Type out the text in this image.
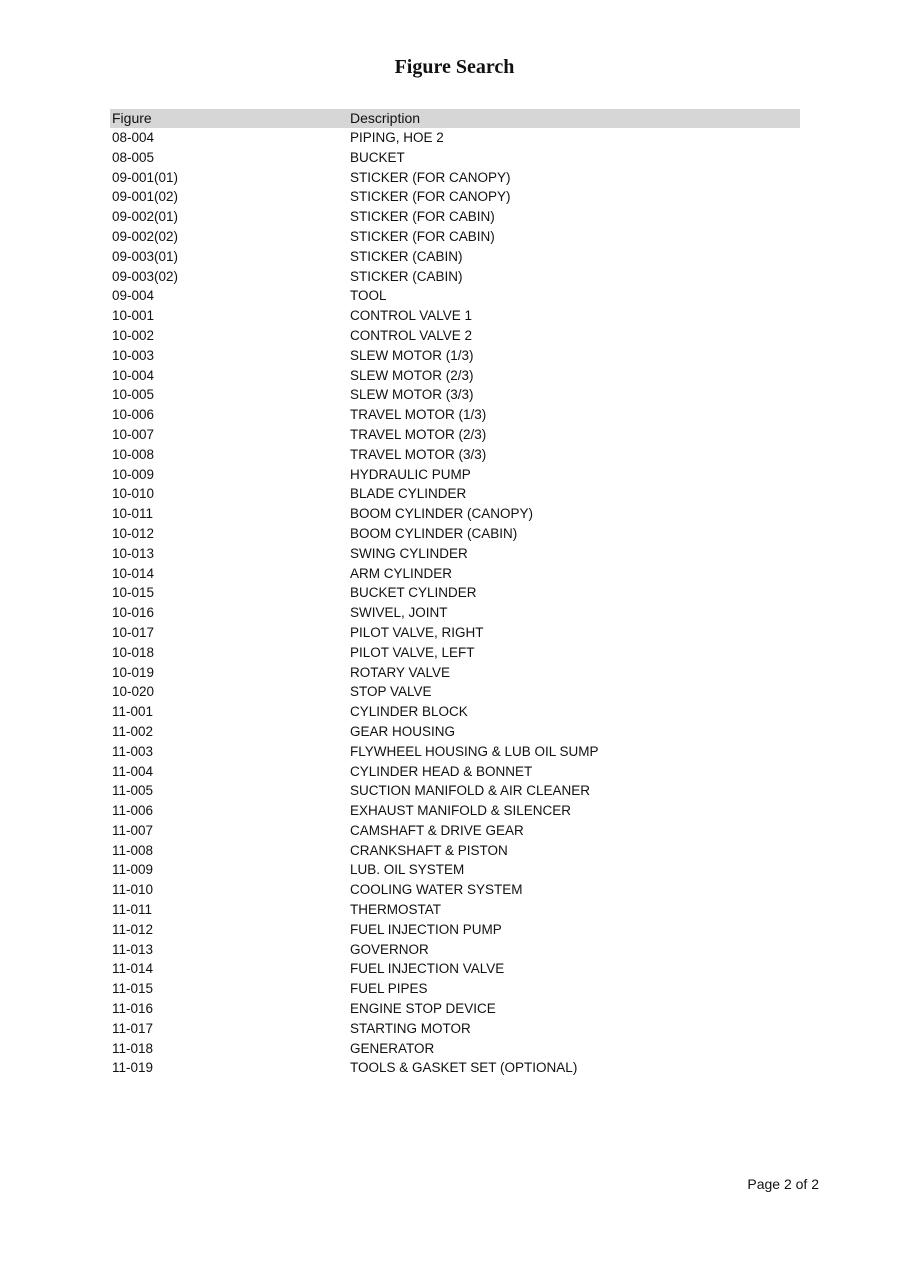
Figure Search
Figure	Description
08-004	PIPING, HOE 2
08-005	BUCKET
09-001(01)	STICKER (FOR CANOPY)
09-001(02)	STICKER (FOR CANOPY)
09-002(01)	STICKER (FOR CABIN)
09-002(02)	STICKER (FOR CABIN)
09-003(01)	STICKER (CABIN)
09-003(02)	STICKER (CABIN)
09-004	TOOL
10-001	CONTROL VALVE 1
10-002	CONTROL VALVE 2
10-003	SLEW MOTOR (1/3)
10-004	SLEW MOTOR (2/3)
10-005	SLEW MOTOR (3/3)
10-006	TRAVEL MOTOR (1/3)
10-007	TRAVEL MOTOR (2/3)
10-008	TRAVEL MOTOR (3/3)
10-009	HYDRAULIC PUMP
10-010	BLADE CYLINDER
10-011	BOOM CYLINDER (CANOPY)
10-012	BOOM CYLINDER (CABIN)
10-013	SWING CYLINDER
10-014	ARM CYLINDER
10-015	BUCKET CYLINDER
10-016	SWIVEL, JOINT
10-017	PILOT VALVE, RIGHT
10-018	PILOT VALVE, LEFT
10-019	ROTARY VALVE
10-020	STOP VALVE
11-001	CYLINDER BLOCK
11-002	GEAR HOUSING
11-003	FLYWHEEL HOUSING & LUB OIL SUMP
11-004	CYLINDER HEAD & BONNET
11-005	SUCTION MANIFOLD & AIR CLEANER
11-006	EXHAUST MANIFOLD & SILENCER
11-007	CAMSHAFT & DRIVE GEAR
11-008	CRANKSHAFT & PISTON
11-009	LUB. OIL SYSTEM
11-010	COOLING WATER SYSTEM
11-011	THERMOSTAT
11-012	FUEL INJECTION PUMP
11-013	GOVERNOR
11-014	FUEL INJECTION VALVE
11-015	FUEL PIPES
11-016	ENGINE STOP DEVICE
11-017	STARTING MOTOR
11-018	GENERATOR
11-019	TOOLS & GASKET SET (OPTIONAL)
Page 2 of 2
